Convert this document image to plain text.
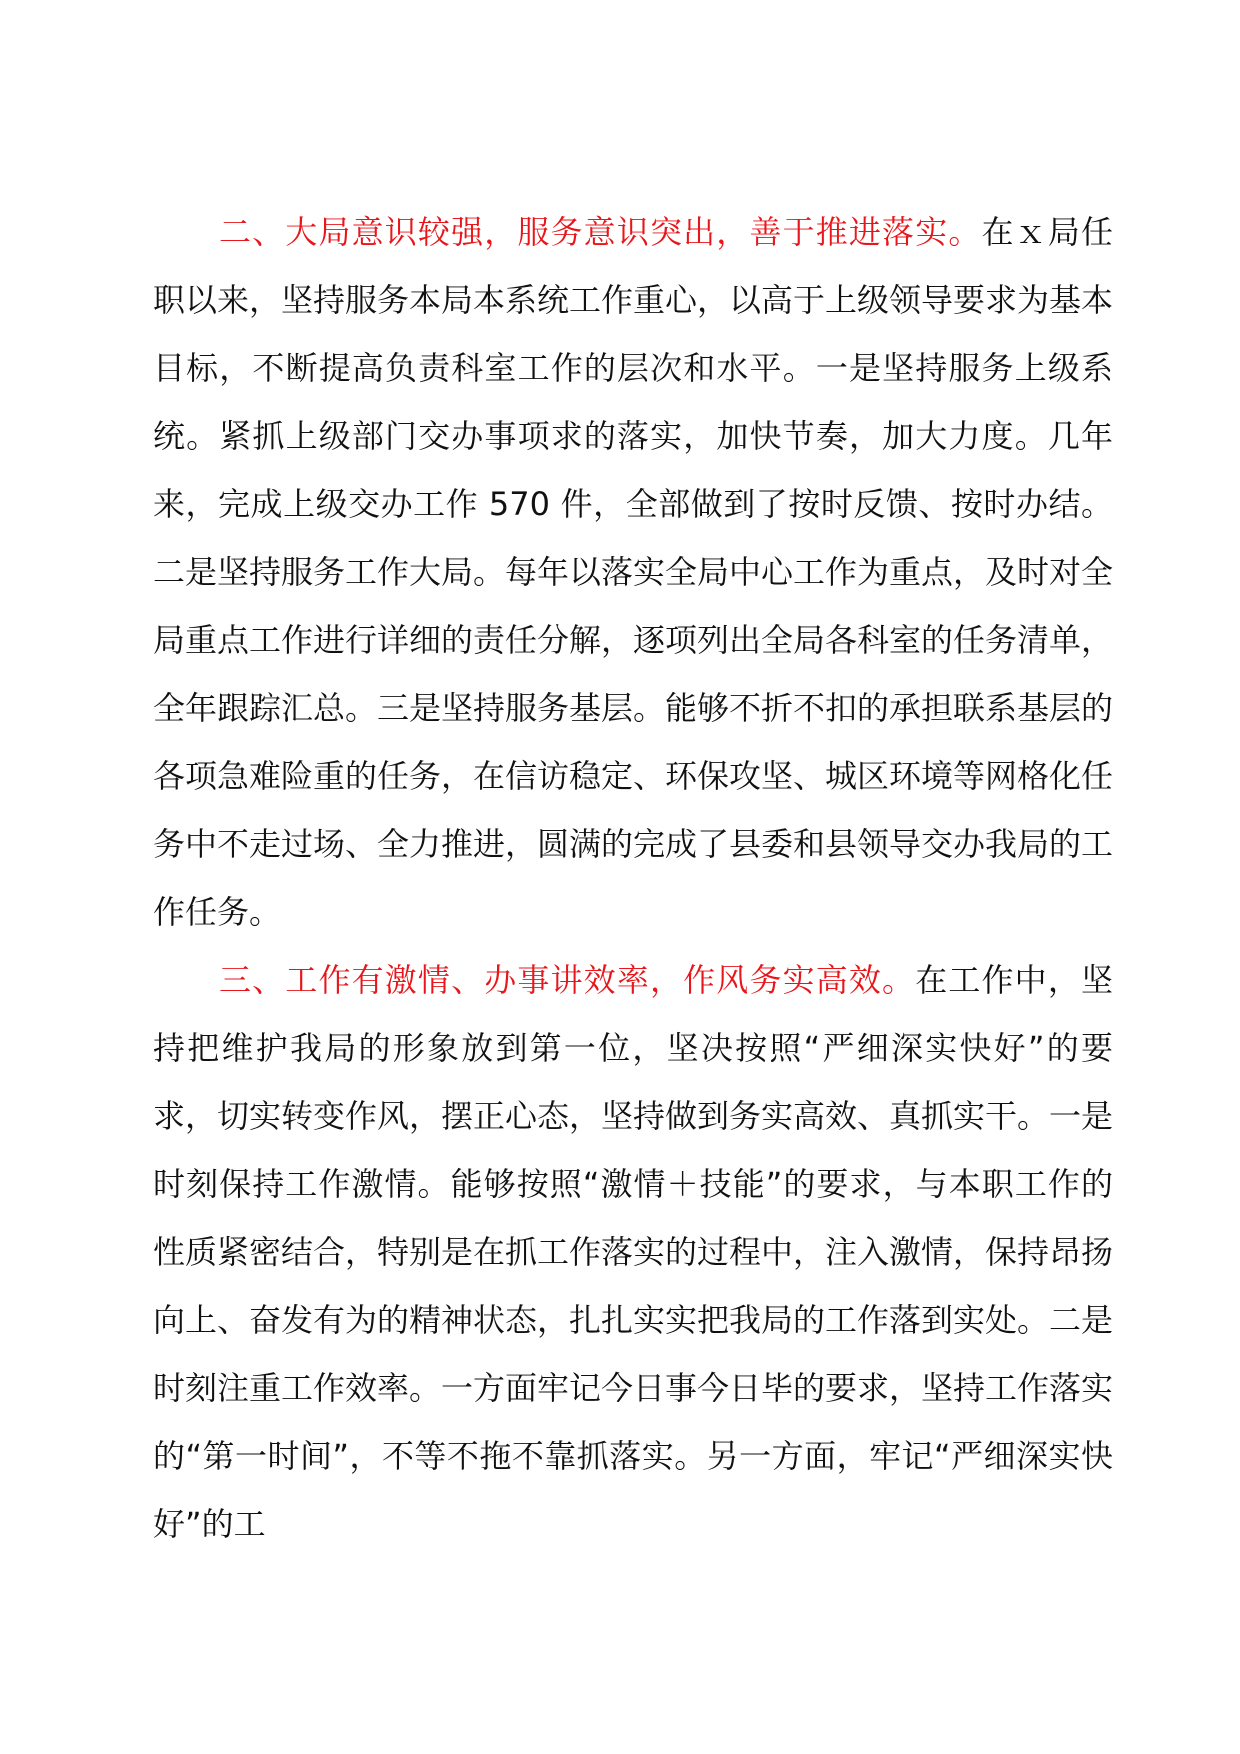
二、大局意识较强，服务意识突出，善于推进落实。在ｘ局任职以来，坚持服务本局本系统工作重心，以高于上级领导要求为基本目标，不断提高负责科室工作的层次和水平。一是坚持服务上级系统。紧抓上级部门交办事项求的落实，加快节奏，加大力度。几年来，完成上级交办工作 570 件，全部做到了按时反馈、按时办结。二是坚持服务工作大局。每年以落实全局中心工作为重点，及时对全局重点工作进行详细的责任分解，逐项列出全局各科室的任务清单，全年跟踪汇总。三是坚持服务基层。能够不折不扣的承担联系基层的各项急难险重的任务，在信访稳定、环保攻坚、城区环境等网格化任务中不走过场、全力推进，圆满的完成了县委和县领导交办我局的工作任务。

三、工作有激情、办事讲效率，作风务实高效。在工作中，坚持把维护我局的形象放到第一位，坚决按照“严细深实快好”的要求，切实转变作风，摆正心态，坚持做到务实高效、真抓实干。一是时刻保持工作激情。能够按照“激情＋技能”的要求，与本职工作的性质紧密结合，特别是在抓工作落实的过程中，注入激情，保持昂扬向上、奋发有为的精神状态，扎扎实实把我局的工作落到实处。二是时刻注重工作效率。一方面牢记今日事今日毕的要求，坚持工作落实的“第一时间”，不等不拖不靠抓落实。另一方面，牢记“严细深实快好”的工
